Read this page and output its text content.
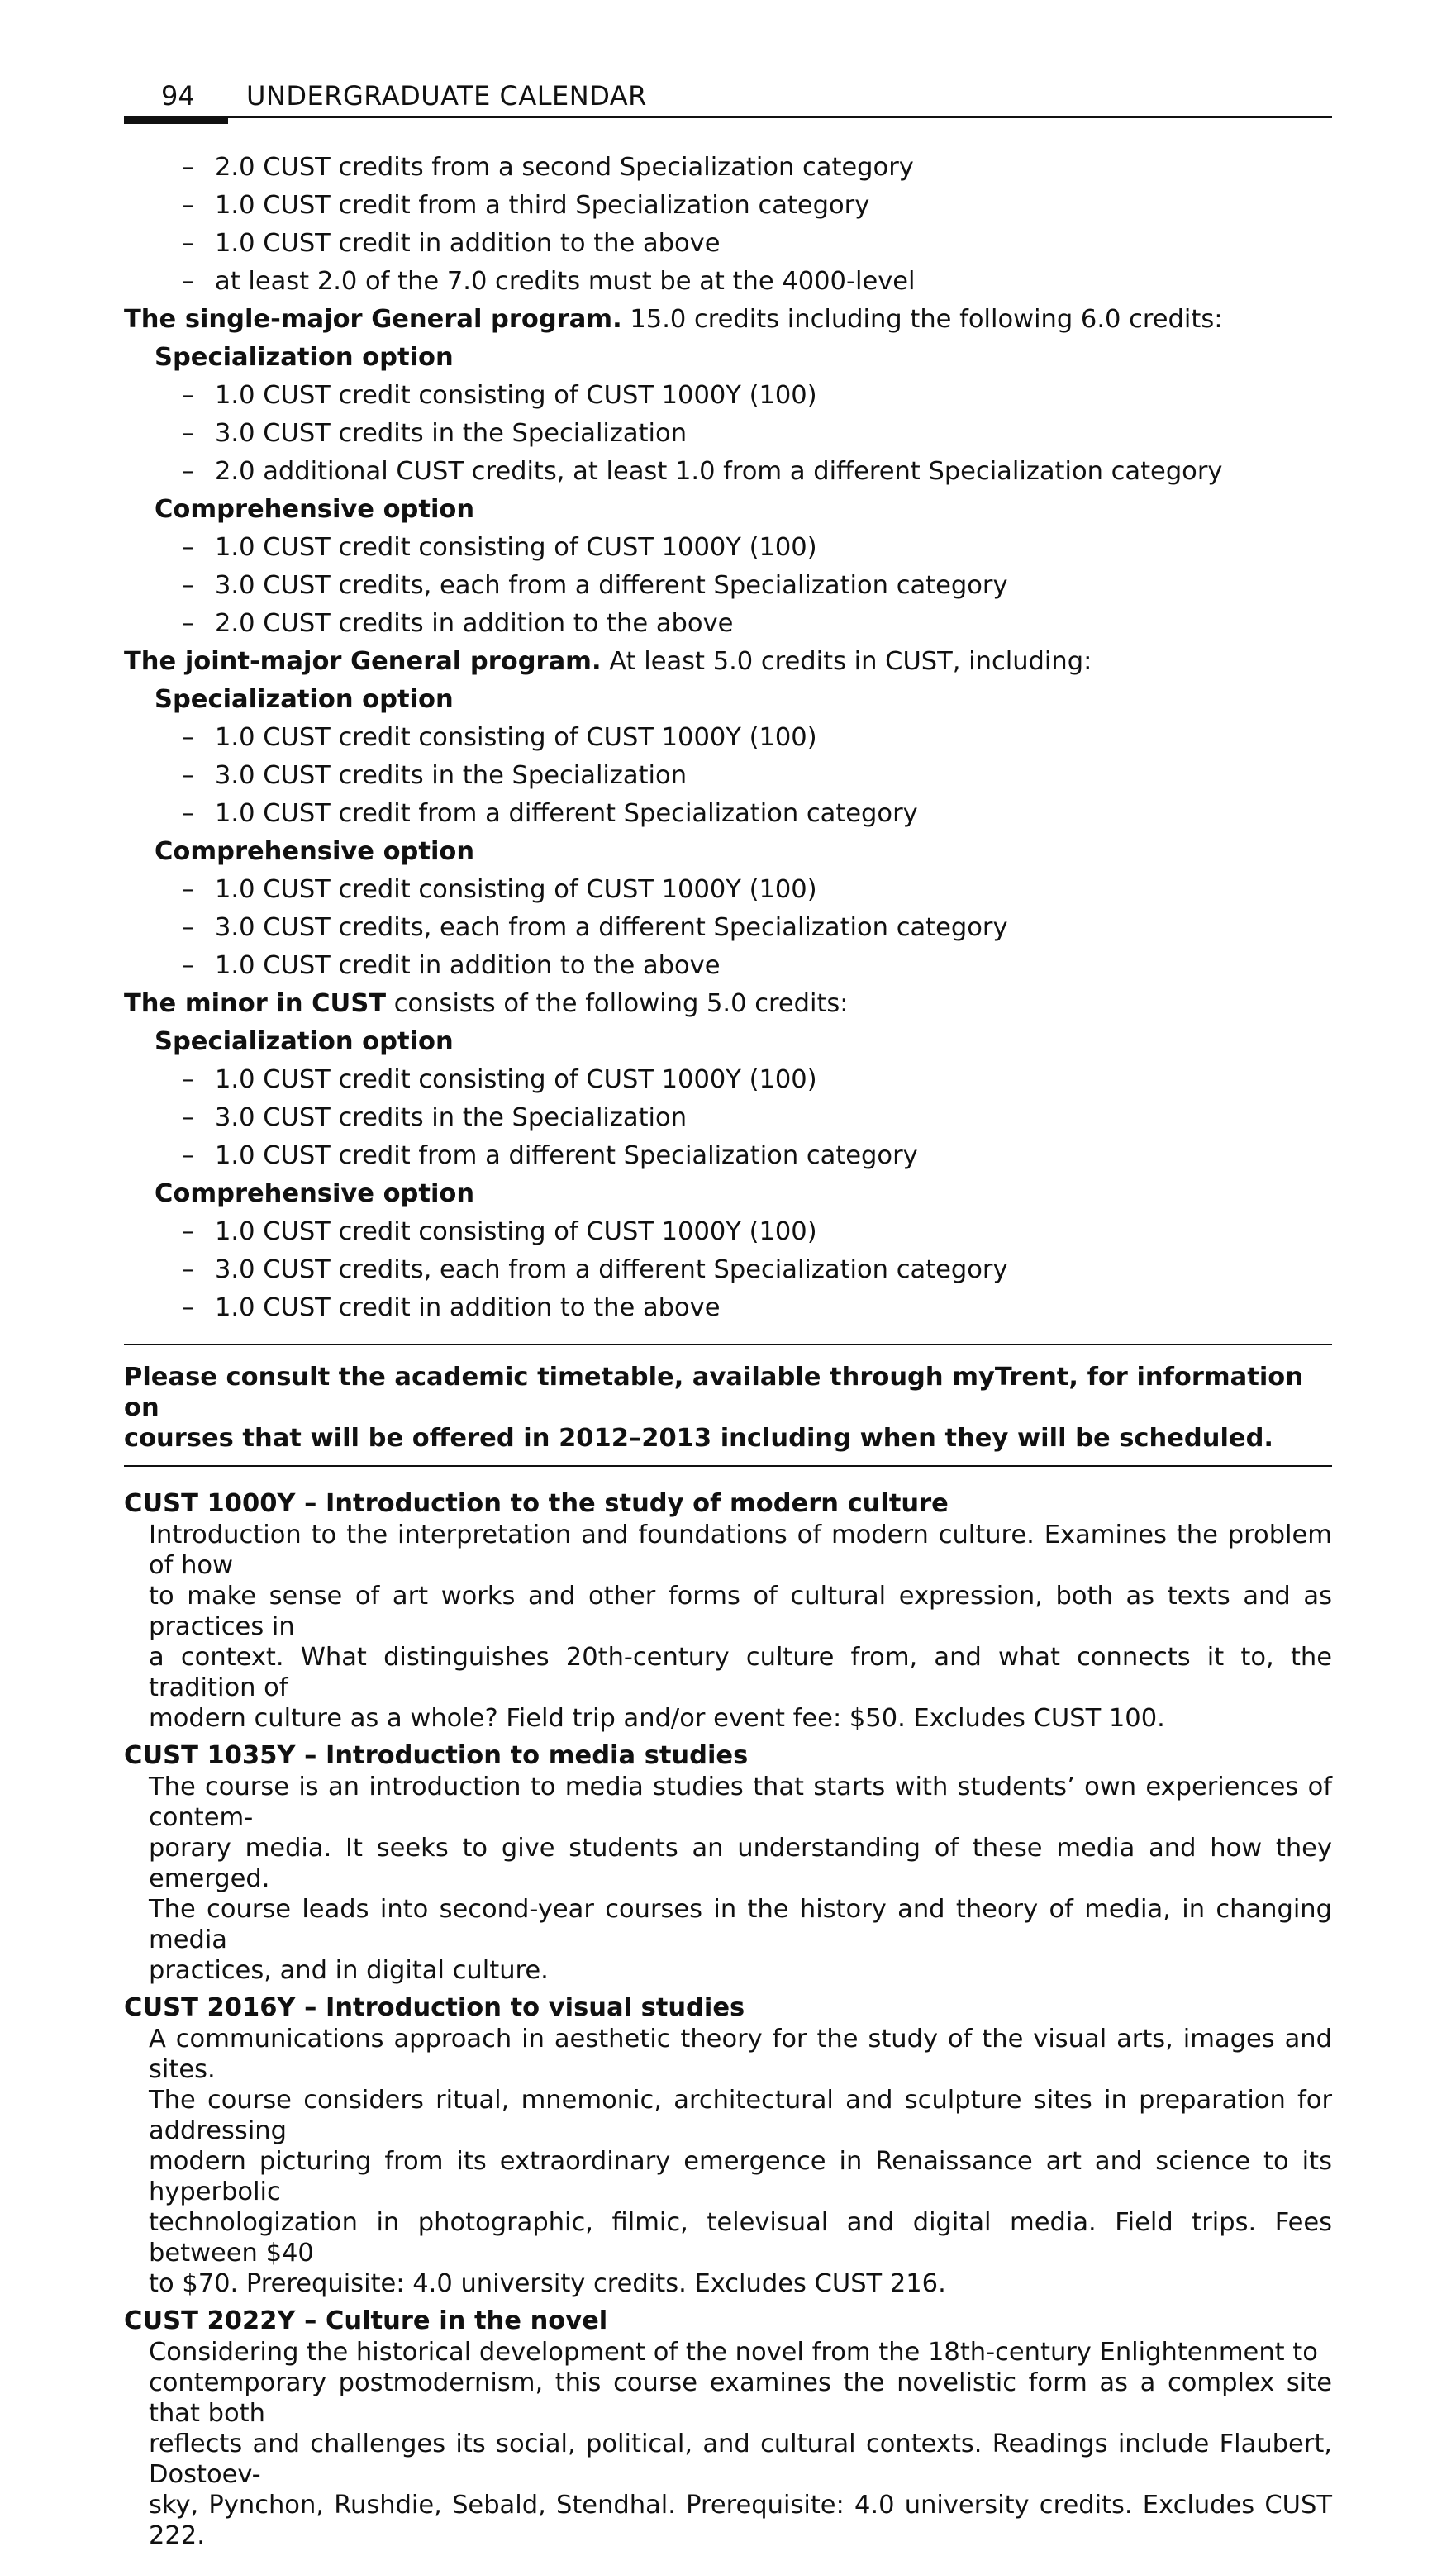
94 UNDERGRADUATE CALENDAR
– 2.0 CUST credits from a second Specialization category
– 1.0 CUST credit from a third Specialization category
– 1.0 CUST credit in addition to the above
– at least 2.0 of the 7.0 credits must be at the 4000-level
The single-major General program. 15.0 credits including the following 6.0 credits:
Specialization option
– 1.0 CUST credit consisting of CUST 1000Y (100)
– 3.0 CUST credits in the Specialization
– 2.0 additional CUST credits, at least 1.0 from a different Specialization category
Comprehensive option
– 1.0 CUST credit consisting of CUST 1000Y (100)
– 3.0 CUST credits, each from a different Specialization category
– 2.0 CUST credits in addition to the above
The joint-major General program. At least 5.0 credits in CUST, including:
Specialization option
– 1.0 CUST credit consisting of CUST 1000Y (100)
– 3.0 CUST credits in the Specialization
– 1.0 CUST credit from a different Specialization category
Comprehensive option
– 1.0 CUST credit consisting of CUST 1000Y (100)
– 3.0 CUST credits, each from a different Specialization category
– 1.0 CUST credit in addition to the above
The minor in CUST consists of the following 5.0 credits:
Specialization option
– 1.0 CUST credit consisting of CUST 1000Y (100)
– 3.0 CUST credits in the Specialization
– 1.0 CUST credit from a different Specialization category
Comprehensive option
– 1.0 CUST credit consisting of CUST 1000Y (100)
– 3.0 CUST credits, each from a different Specialization category
– 1.0 CUST credit in addition to the above
Please consult the academic timetable, available through myTrent, for information on
courses that will be offered in 2012–2013 including when they will be scheduled.
CUST 1000Y – Introduction to the study of modern culture
Introduction to the interpretation and foundations of modern culture. Examines the problem of how
to make sense of art works and other forms of cultural expression, both as texts and as practices in
a context. What distinguishes 20th-century culture from, and what connects it to, the tradition of
modern culture as a whole? Field trip and/or event fee: $50. Excludes CUST 100.
CUST 1035Y – Introduction to media studies
The course is an introduction to media studies that starts with students’ own experiences of contem-
porary media. It seeks to give students an understanding of these media and how they emerged.
The course leads into second-year courses in the history and theory of media, in changing media
practices, and in digital culture.
CUST 2016Y – Introduction to visual studies
A communications approach in aesthetic theory for the study of the visual arts, images and sites.
The course considers ritual, mnemonic, architectural and sculpture sites in preparation for addressing
modern picturing from its extraordinary emergence in Renaissance art and science to its hyperbolic
technologization in photographic, filmic, televisual and digital media. Field trips. Fees between $40
to $70. Prerequisite: 4.0 university credits. Excludes CUST 216.
CUST 2022Y – Culture in the novel
Considering the historical development of the novel from the 18th-century Enlightenment to
contemporary postmodernism, this course examines the novelistic form as a complex site that both
reflects and challenges its social, political, and cultural contexts. Readings include Flaubert, Dostoev-
sky, Pynchon, Rushdie, Sebald, Stendhal. Prerequisite: 4.0 university credits. Excludes CUST 222.
